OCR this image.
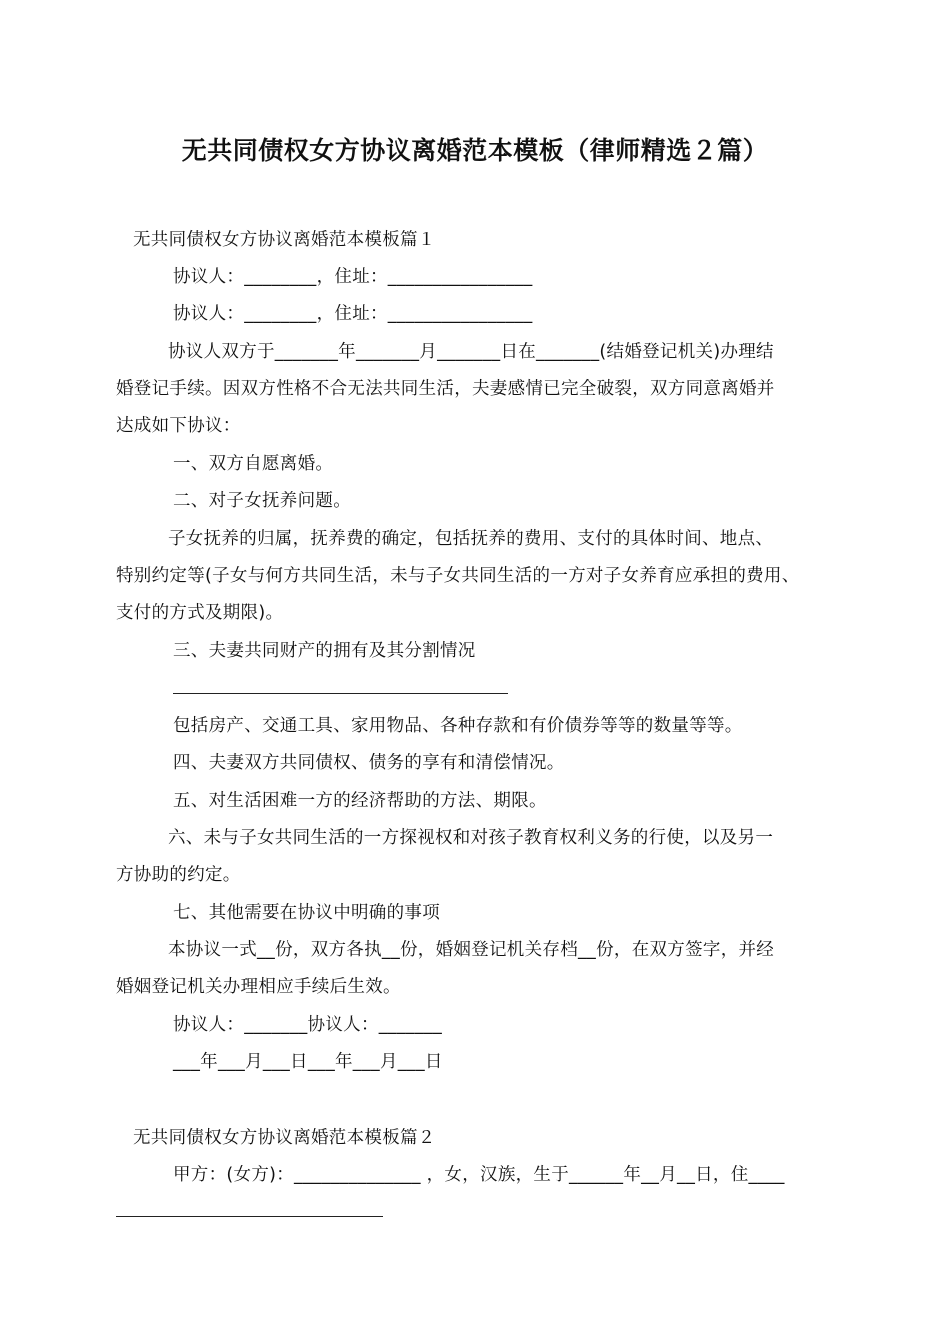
无共同债权女方协议离婚范本模板（律师精选２篇）
无共同债权女方协议离婚范本模板篇１
协议人：________，住址：________________
协议人：________，住址：________________
协议人双方于_______年_______月_______日在_______(结婚登记机关)办理结
婚登记手续。因双方性格不合无法共同生活，夫妻感情已完全破裂，双方同意离婚并
达成如下协议：
一、双方自愿离婚。
二、对子女抚养问题。
子女抚养的归属，抚养费的确定，包括抚养的费用、支付的具体时间、地点、
特别约定等(子女与何方共同生活，未与子女共同生活的一方对子女养育应承担的费用、
支付的方式及期限)。
三、夫妻共同财产的拥有及其分割情况
包括房产、交通工具、家用物品、各种存款和有价债券等等的数量等等。
四、夫妻双方共同债权、债务的享有和清偿情况。
五、对生活困难一方的经济帮助的方法、期限。
六、未与子女共同生活的一方探视权和对孩子教育权利义务的行使，以及另一
方协助的约定。
七、其他需要在协议中明确的事项
本协议一式__份，双方各执__份，婚姻登记机关存档__份，在双方签字，并经
婚姻登记机关办理相应手续后生效。
协议人：_______协议人：_______
___年___月___日___年___月___日
无共同债权女方协议离婚范本模板篇２
甲方：(女方)：______________ ，女，汉族，生于______年__月__日，住____
